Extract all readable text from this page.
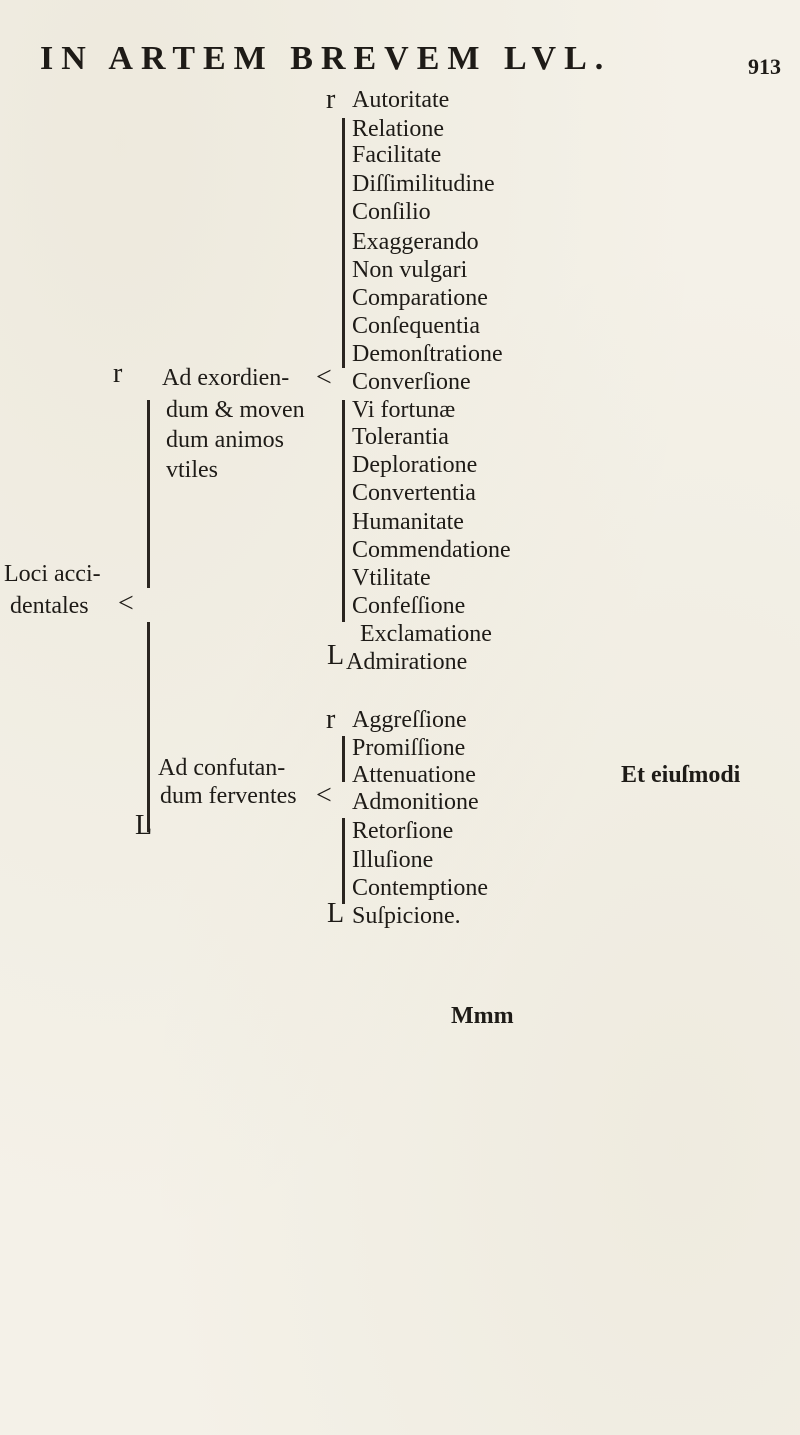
IN ARTEM BREVEM LVL.	913
Loci acci-
dentales
r
<
L
Ad exordien-
dum & moven
dum animos
vtiles
r
<
L
Autoritate
Relatione
Facilitate
Diſſimilitudine
Conſilio
Exaggerando
Non vulgari
Comparatione
Conſequentia
Demonſtratione
Converſione
Vi fortunæ
Tolerantia
Deploratione
Convertentia
Humanitate
Commendatione
Vtilitate
Confeſſione
Exclamatione
Admiratione
Ad confutan-
dum ferventes
r
<
L
Aggreſſione
Promiſſione
Attenuatione	Et eiuſmodi
Admonitione
Retorſione
Illuſione
Contemptione
Suſpicione.
Mmm
